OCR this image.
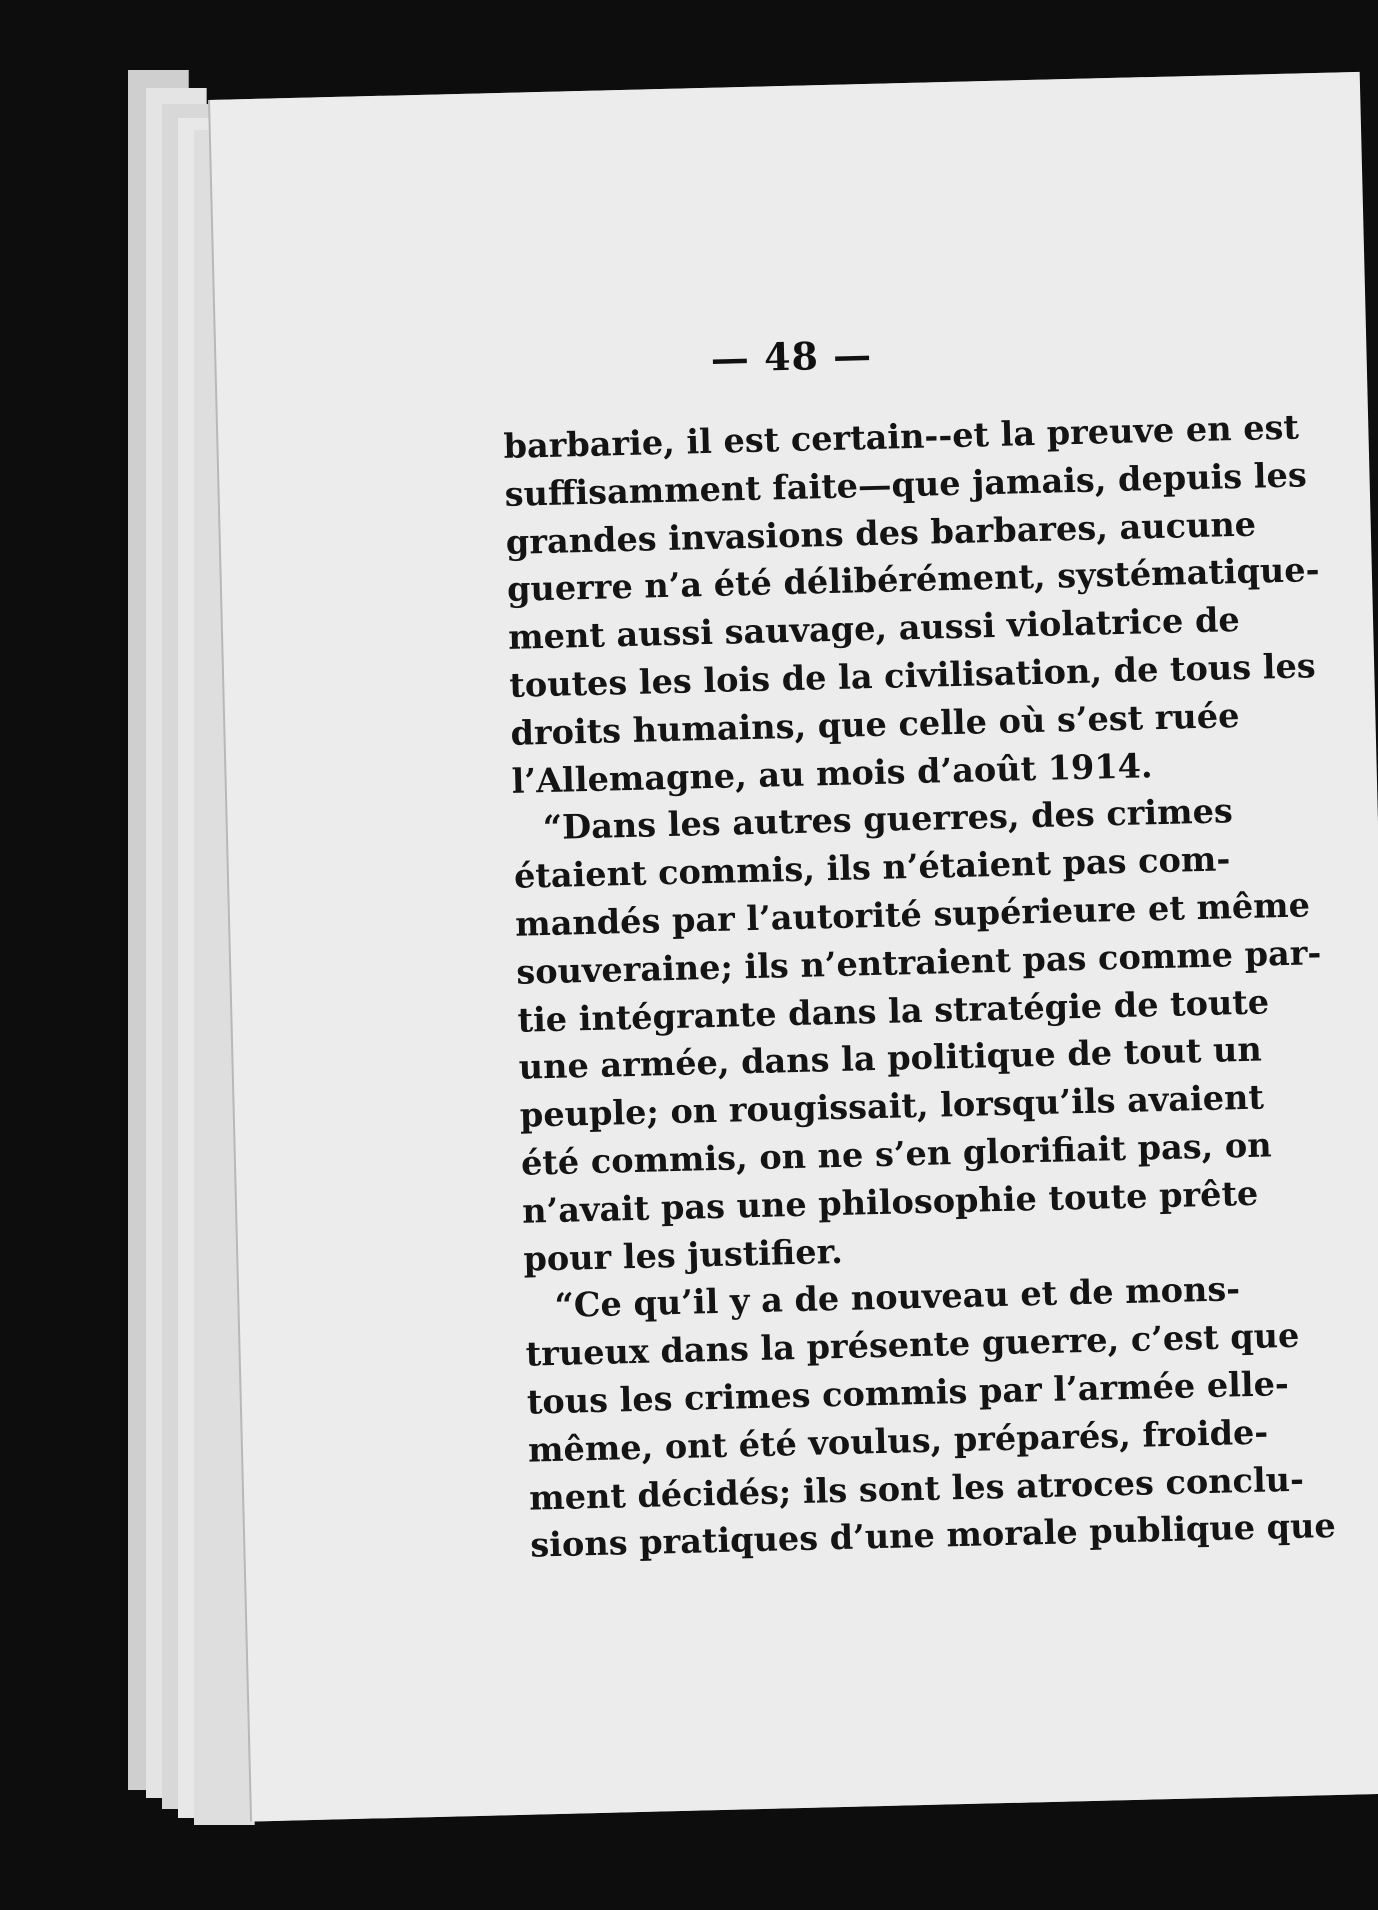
— 48 —

barbarie, il est certain--et la preuve en est
suffisamment faite—que jamais, depuis les
grandes invasions des barbares, aucune
guerre n’a été délibérément, systématique-
ment aussi sauvage, aussi violatrice de
toutes les lois de la civilisation, de tous les
droits humains, que celle où s’est ruée
l’Allemagne, au mois d’août 1914.

“Dans les autres guerres, des crimes
étaient commis, ils n’étaient pas com-
mandés par l’autorité supérieure et même
souveraine; ils n’entraient pas comme par-
tie intégrante dans la stratégie de toute
une armée, dans la politique de tout un
peuple; on rougissait, lorsqu’ils avaient
été commis, on ne s’en glorifiait pas, on
n’avait pas une philosophie toute prête
pour les justifier.

“Ce qu’il y a de nouveau et de mons-
trueux dans la présente guerre, c’est que
tous les crimes commis par l’armée elle-
même, ont été voulus, préparés, froide-
ment décidés; ils sont les atroces conclu-
sions pratiques d’une morale publique que
